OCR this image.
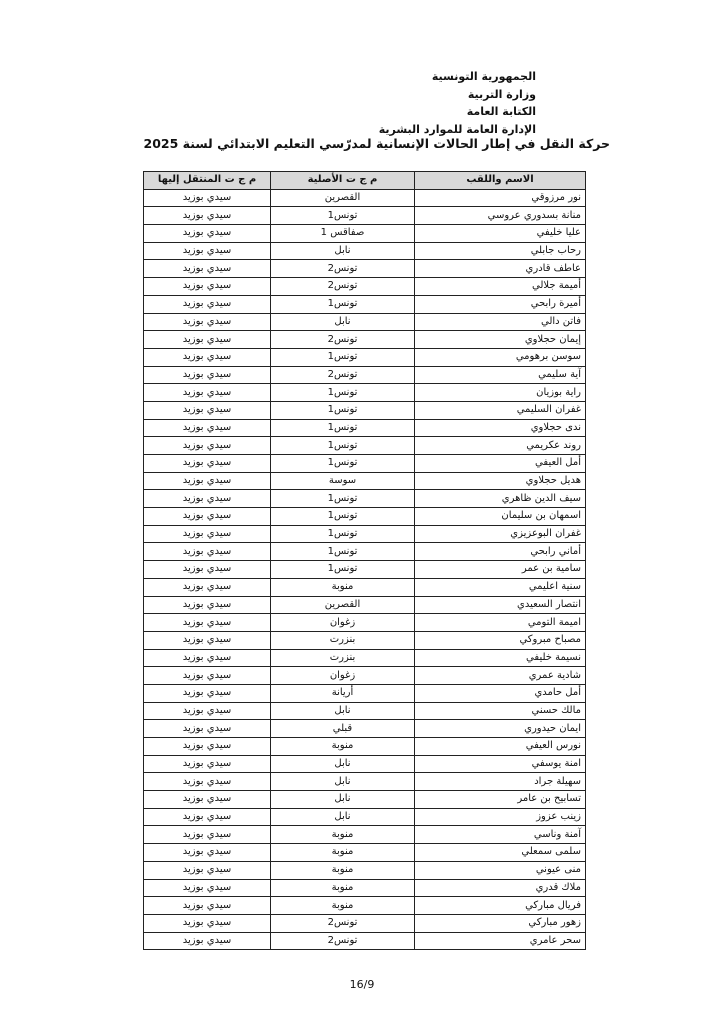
الجمهورية التونسية
وزارة التربية
الكتابة العامة
الإدارة العامة للموارد البشرية
حركة النقل في إطار الحالات الإنسانية لمدرّسي التعليم الابتدائي لسنة 2025
الاسم واللقب	م ج ت الأصلية	م ج ت المنتقل إليها
نور مرزوقي	القصرين	سيدي بوزيد
منانة بسدوري عروسي	تونس1	سيدي بوزيد
عليا خليفي	صفاقس 1	سيدي بوزيد
رحاب جابلي	نابل	سيدي بوزيد
عاطف قادري	تونس2	سيدي بوزيد
أميمة جلالي	تونس2	سيدي بوزيد
أميرة رابحي	تونس1	سيدي بوزيد
فاتن دالي	نابل	سيدي بوزيد
إيمان حجلاوي	تونس2	سيدي بوزيد
سوسن برهومي	تونس1	سيدي بوزيد
آية سليمي	تونس2	سيدي بوزيد
راية بوزيان	تونس1	سيدي بوزيد
غفران السليمي	تونس1	سيدي بوزيد
ندى حجلاوي	تونس1	سيدي بوزيد
روند عكريمي	تونس1	سيدي بوزيد
أمل العيفي	تونس1	سيدي بوزيد
هديل حجلاوي	سوسة	سيدي بوزيد
سيف الدين ظاهري	تونس1	سيدي بوزيد
اسمهان بن سليمان	تونس1	سيدي بوزيد
غفران البوعزيزي	تونس1	سيدي بوزيد
أماني رابحي	تونس1	سيدي بوزيد
سامية بن عمر	تونس1	سيدي بوزيد
سنية اعليمي	منوبة	سيدي بوزيد
انتصار السعيدي	القصرين	سيدي بوزيد
اميمة التومي	زغوان	سيدي بوزيد
مصباح مبروكي	بنزرت	سيدي بوزيد
نسيمة خليفي	بنزرت	سيدي بوزيد
شادية عمري	زغوان	سيدي بوزيد
أمل حامدي	أريانة	سيدي بوزيد
مالك حسني	نابل	سيدي بوزيد
ايمان حيدوري	قبلي	سيدي بوزيد
نورس العيفي	منوبة	سيدي بوزيد
امنة يوسفي	نابل	سيدي بوزيد
سهيلة جراد	نابل	سيدي بوزيد
تسابيح بن عامر	نابل	سيدي بوزيد
زينب عزوز	نابل	سيدي بوزيد
آمنة وناسي	منوبة	سيدي بوزيد
سلمى سمعلي	منوبة	سيدي بوزيد
منى عيوني	منوبة	سيدي بوزيد
ملاك قدري	منوبة	سيدي بوزيد
فريال مباركي	منوبة	سيدي بوزيد
زهور مباركي	تونس2	سيدي بوزيد
سحر عامري	تونس2	سيدي بوزيد
16/9
